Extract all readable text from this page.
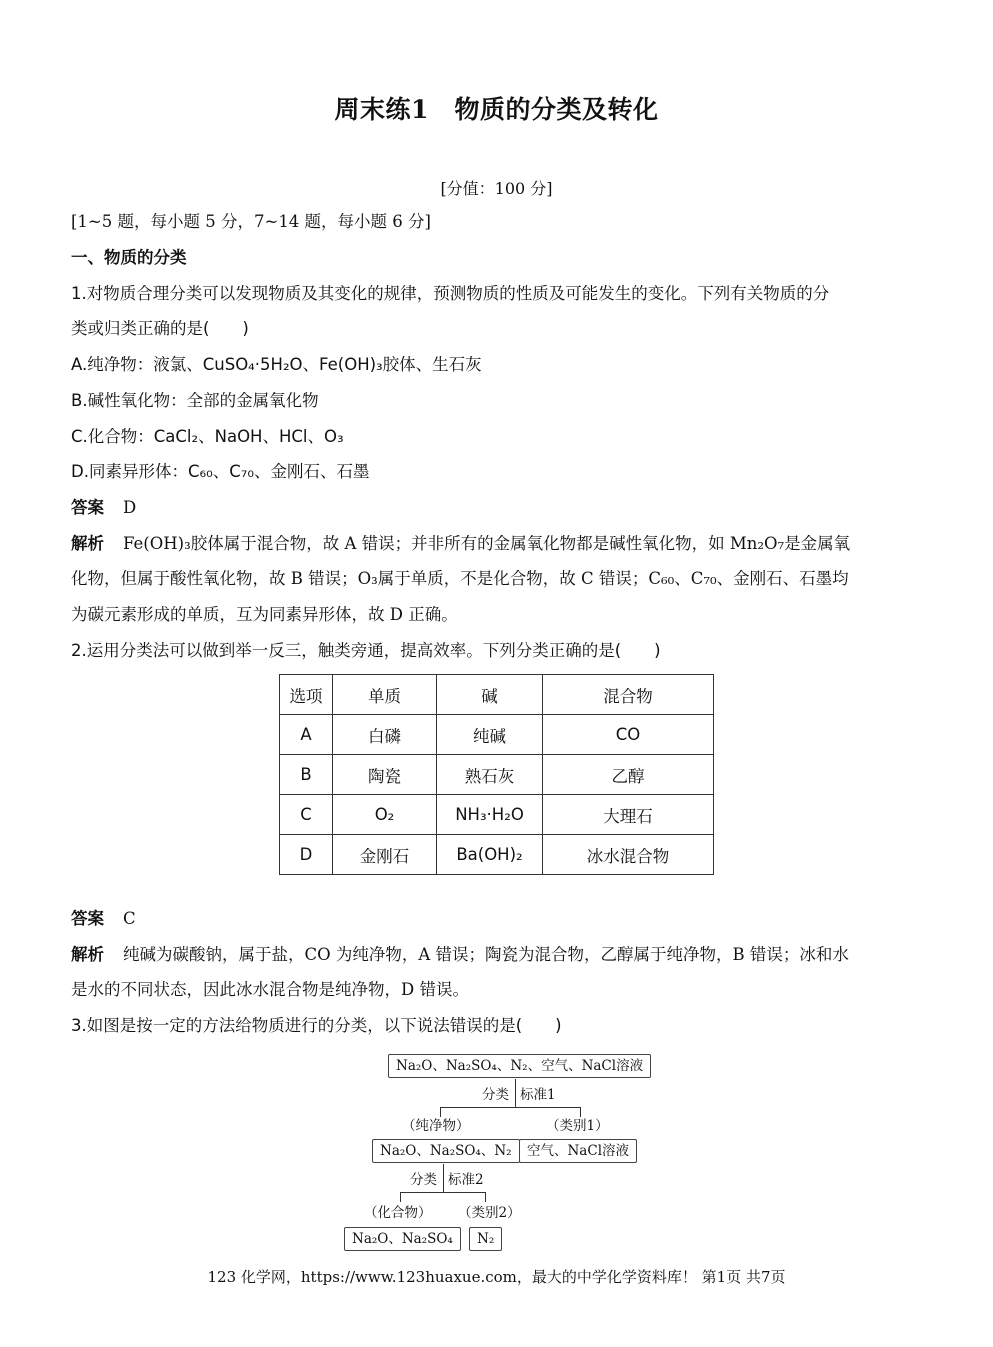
周末练1　物质的分类及转化
[分值：100 分]
[1~5 题，每小题 5 分，7~14 题，每小题 6 分]
一、物质的分类
1.对物质合理分类可以发现物质及其变化的规律，预测物质的性质及可能发生的变化。下列有关物质的分
类或归类正确的是(　　)
A.纯净物：液氯、CuSO₄·5H₂O、Fe(OH)₃胶体、生石灰
B.碱性氧化物：全部的金属氧化物
C.化合物：CaCl₂、NaOH、HCl、O₃
D.同素异形体：C₆₀、C₇₀、金刚石、石墨
答案 D
解析 Fe(OH)₃胶体属于混合物，故 A 错误；并非所有的金属氧化物都是碱性氧化物，如 Mn₂O₇是金属氧
化物，但属于酸性氧化物，故 B 错误；O₃属于单质，不是化合物，故 C 错误；C₆₀、C₇₀、金刚石、石墨均
为碳元素形成的单质，互为同素异形体，故 D 正确。
2.运用分类法可以做到举一反三，触类旁通，提高效率。下列分类正确的是(　　)
选项	单质	碱	混合物
A	白磷	纯碱	CO
B	陶瓷	熟石灰	乙醇
C	O₂	NH₃·H₂O	大理石
D	金刚石	Ba(OH)₂	冰水混合物
答案 C
解析 纯碱为碳酸钠，属于盐，CO 为纯净物，A 错误；陶瓷为混合物，乙醇属于纯净物，B 错误；冰和水
是水的不同状态，因此冰水混合物是纯净物，D 错误。
3.如图是按一定的方法给物质进行的分类，以下说法错误的是(　　)
Na₂O、Na₂SO₄、N₂、空气、NaCl溶液
分类 标准1
（纯净物）	（类别1）
Na₂O、Na₂SO₄、N₂	空气、NaCl溶液
分类 标准2
（化合物） （类别2）
Na₂O、Na₂SO₄	N₂
123 化学网，https://www.123huaxue.com，最大的中学化学资料库！ 第1页 共7页
